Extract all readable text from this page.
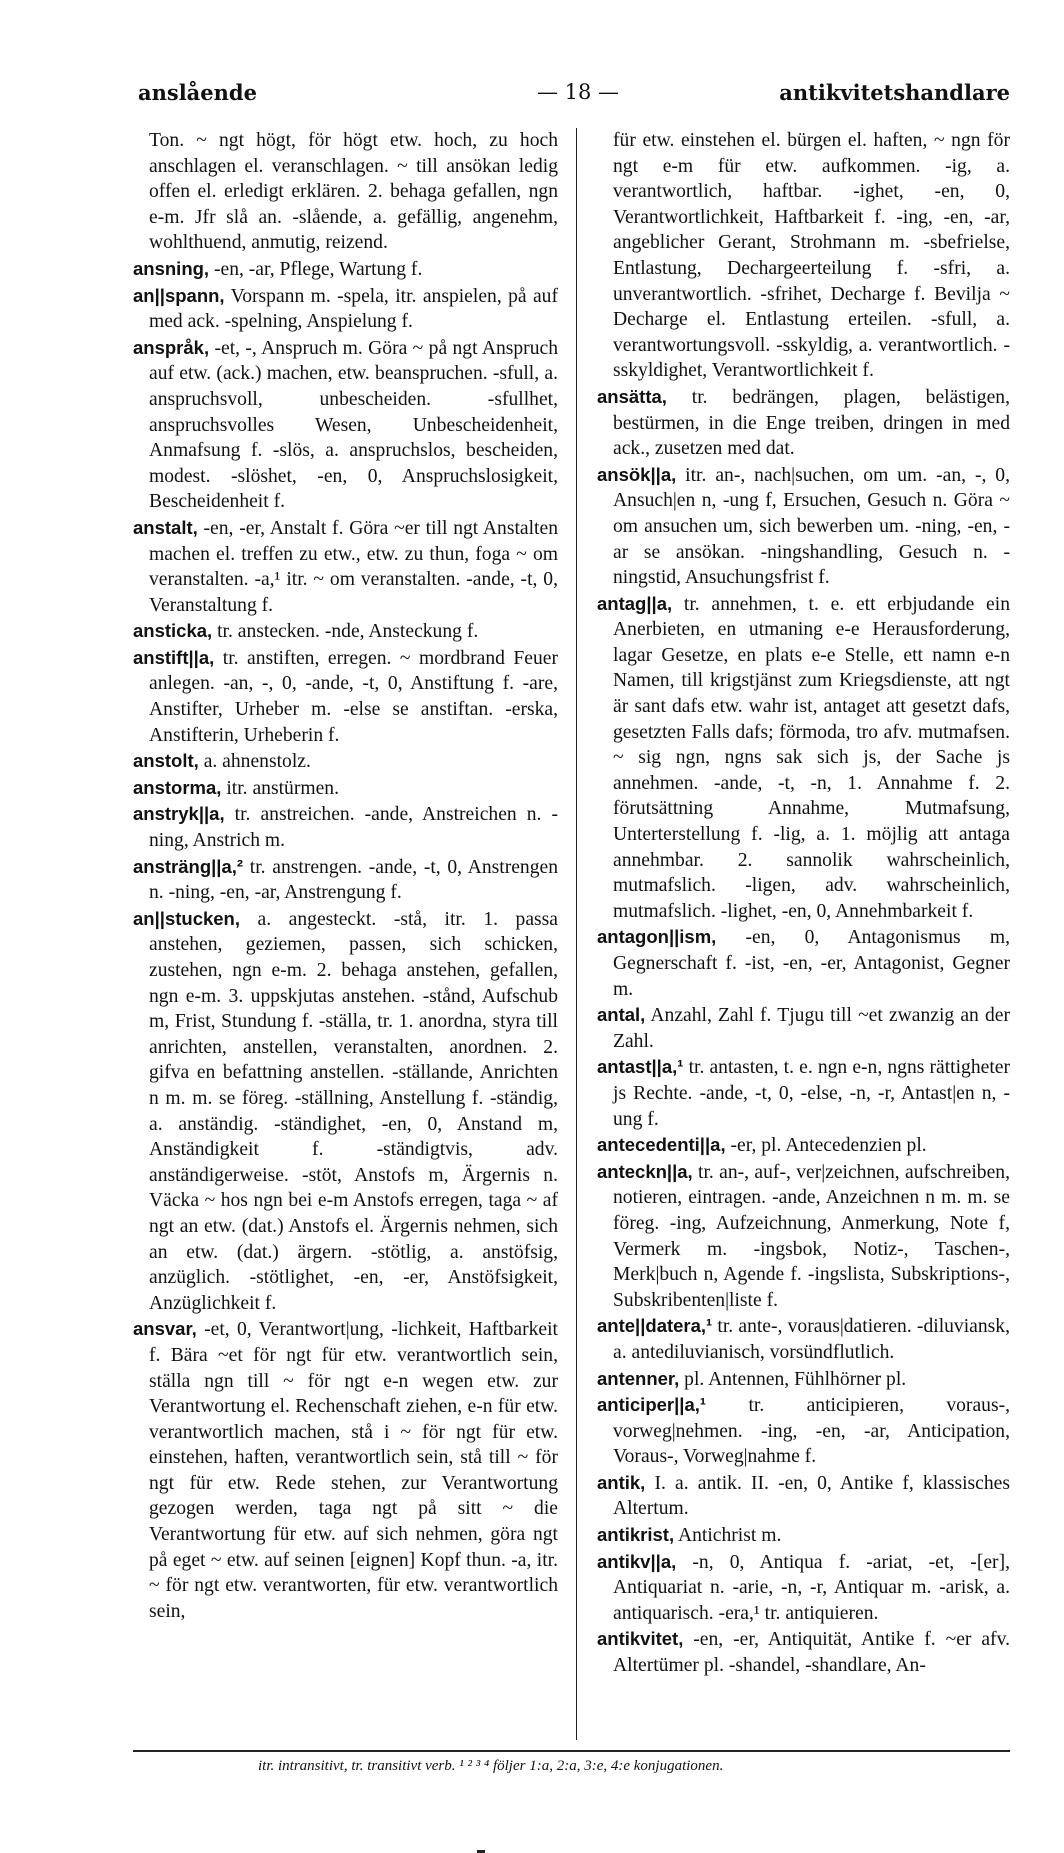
anslående	— 18 —	antikvitetshandlare

Ton. ~ ngt högt, för högt etw. hoch, zu hoch anschlagen el. veranschlagen. ~ till ansökan ledig offen el. erledigt erklären. 2. behaga gefallen, ngn e-m. Jfr slå an. -slående, a. gefällig, angenehm, wohlthuend, anmutig, reizend.

ansning, -en, -ar, Pflege, Wartung f.

an||spann, Vorspann m. -spela, itr. anspielen, på auf med ack. -spelning, Anspielung f.

anspråk, -et, -, Anspruch m. Göra ~ på ngt Anspruch auf etw. (ack.) machen, etw. beanspruchen. -sfull, a. anspruchsvoll, unbescheiden. -sfullhet, anspruchsvolles Wesen, Unbescheidenheit, Anmafsung f. -slös, a. anspruchslos, bescheiden, modest. -slöshet, -en, 0, Anspruchslosigkeit, Bescheidenheit f.

anstalt, -en, -er, Anstalt f. Göra ~er till ngt Anstalten machen el. treffen zu etw., etw. zu thun, foga ~ om veranstalten. -a,¹ itr. ~ om veranstalten. -ande, -t, 0, Veranstaltung f.

ansticka, tr. anstecken. -nde, Ansteckung f.

anstift||a, tr. anstiften, erregen. ~ mordbrand Feuer anlegen. -an, -, 0, -ande, -t, 0, Anstiftung f. -are, Anstifter, Urheber m. -else se anstiftan. -erska, Anstifterin, Urheberin f.

anstolt, a. ahnenstolz.

anstorma, itr. anstürmen.

anstryk||a, tr. anstreichen. -ande, Anstreichen n. -ning, Anstrich m.

ansträng||a,² tr. anstrengen. -ande, -t, 0, Anstrengen n. -ning, -en, -ar, Anstrengung f.

an||stucken, a. angesteckt. -stå, itr. 1. passa anstehen, geziemen, passen, sich schicken, zustehen, ngn e-m. 2. behaga anstehen, gefallen, ngn e-m. 3. uppskjutas anstehen. -stånd, Aufschub m, Frist, Stundung f. -ställa, tr. 1. anordna, styra till anrichten, anstellen, veranstalten, anordnen. 2. gifva en befattning anstellen. -ställande, Anrichten n m. m. se föreg. -ställning, Anstellung f. -ständig, a. anständig. -ständighet, -en, 0, Anstand m, Anständigkeit f. -ständigtvis, adv. anständigerweise. -stöt, Anstofs m, Ärgernis n. Väcka ~ hos ngn bei e-m Anstofs erregen, taga ~ af ngt an etw. (dat.) Anstofs el. Ärgernis nehmen, sich an etw. (dat.) ärgern. -stötlig, a. anstöfsig, anzüglich. -stötlighet, -en, -er, Anstöfsigkeit, Anzüglichkeit f.

ansvar, -et, 0, Verantwort|ung, -lichkeit, Haftbarkeit f. Bära ~et för ngt für etw. verantwortlich sein, ställa ngn till ~ för ngt e-n wegen etw. zur Verantwortung el. Rechenschaft ziehen, e-n für etw. verantwortlich machen, stå i ~ för ngt für etw. einstehen, haften, verantwortlich sein, stå till ~ för ngt für etw. Rede stehen, zur Verantwortung gezogen werden, taga ngt på sitt ~ die Verantwortung für etw. auf sich nehmen, göra ngt på eget ~ etw. auf seinen [eignen] Kopf thun. -a, itr. ~ för ngt etw. verantworten, für etw. verantwortlich sein,

für etw. einstehen el. bürgen el. haften, ~ ngn för ngt e-m für etw. aufkommen. -ig, a. verantwortlich, haftbar. -ighet, -en, 0, Verantwortlichkeit, Haftbarkeit f. -ing, -en, -ar, angeblicher Gerant, Strohmann m. -sbefrielse, Entlastung, Dechargeerteilung f. -sfri, a. unverantwortlich. -sfrihet, Decharge f. Bevilja ~ Decharge el. Entlastung erteilen. -sfull, a. verantwortungsvoll. -sskyldig, a. verantwortlich. -sskyldighet, Verantwortlichkeit f.

ansätta, tr. bedrängen, plagen, belästigen, bestürmen, in die Enge treiben, dringen in med ack., zusetzen med dat.

ansök||a, itr. an-, nach|suchen, om um. -an, -, 0, Ansuch|en n, -ung f, Ersuchen, Gesuch n. Göra ~ om ansuchen um, sich bewerben um. -ning, -en, -ar se ansökan. -ningshandling, Gesuch n. -ningstid, Ansuchungsfrist f.

antag||a, tr. annehmen, t. e. ett erbjudande ein Anerbieten, en utmaning e-e Herausforderung, lagar Gesetze, en plats e-e Stelle, ett namn e-n Namen, till krigstjänst zum Kriegsdienste, att ngt är sant dafs etw. wahr ist, antaget att gesetzt dafs, gesetzten Falls dafs; förmoda, tro afv. mutmafsen. ~ sig ngn, ngns sak sich js, der Sache js annehmen. -ande, -t, -n, 1. Annahme f. 2. förutsättning Annahme, Mutmafsung, Unterterstellung f. -lig, a. 1. möjlig att antaga annehmbar. 2. sannolik wahrscheinlich, mutmafslich. -ligen, adv. wahrscheinlich, mutmafslich. -lighet, -en, 0, Annehmbarkeit f.

antagon||ism, -en, 0, Antagonismus m, Gegnerschaft f. -ist, -en, -er, Antagonist, Gegner m.

antal, Anzahl, Zahl f. Tjugu till ~et zwanzig an der Zahl.

antast||a,¹ tr. antasten, t. e. ngn e-n, ngns rättigheter js Rechte. -ande, -t, 0, -else, -n, -r, Antast|en n, -ung f.

antecedenti||a, -er, pl. Antecedenzien pl.

anteckn||a, tr. an-, auf-, ver|zeichnen, aufschreiben, notieren, eintragen. -ande, Anzeichnen n m. m. se föreg. -ing, Aufzeichnung, Anmerkung, Note f, Vermerk m. -ingsbok, Notiz-, Taschen-, Merk|buch n, Agende f. -ingslista, Subskriptions-, Subskribenten|liste f.

ante||datera,¹ tr. ante-, voraus|datieren. -diluviansk, a. antediluvianisch, vorsündflutlich.

antenner, pl. Antennen, Fühlhörner pl.

anticiper||a,¹ tr. anticipieren, voraus-, vorweg|nehmen. -ing, -en, -ar, Anticipation, Voraus-, Vorweg|nahme f.

antik, I. a. antik. II. -en, 0, Antike f, klassisches Altertum.

antikrist, Antichrist m.

antikv||a, -n, 0, Antiqua f. -ariat, -et, -[er], Antiquariat n. -arie, -n, -r, Antiquar m. -arisk, a. antiquarisch. -era,¹ tr. antiquieren.

antikvitet, -en, -er, Antiquität, Antike f. ~er afv. Altertümer pl. -shandel, -shandlare, An-

itr. intransitivt, tr. transitivt verb. ¹ ² ³ ⁴ följer 1:a, 2:a, 3:e, 4:e konjugationen.
